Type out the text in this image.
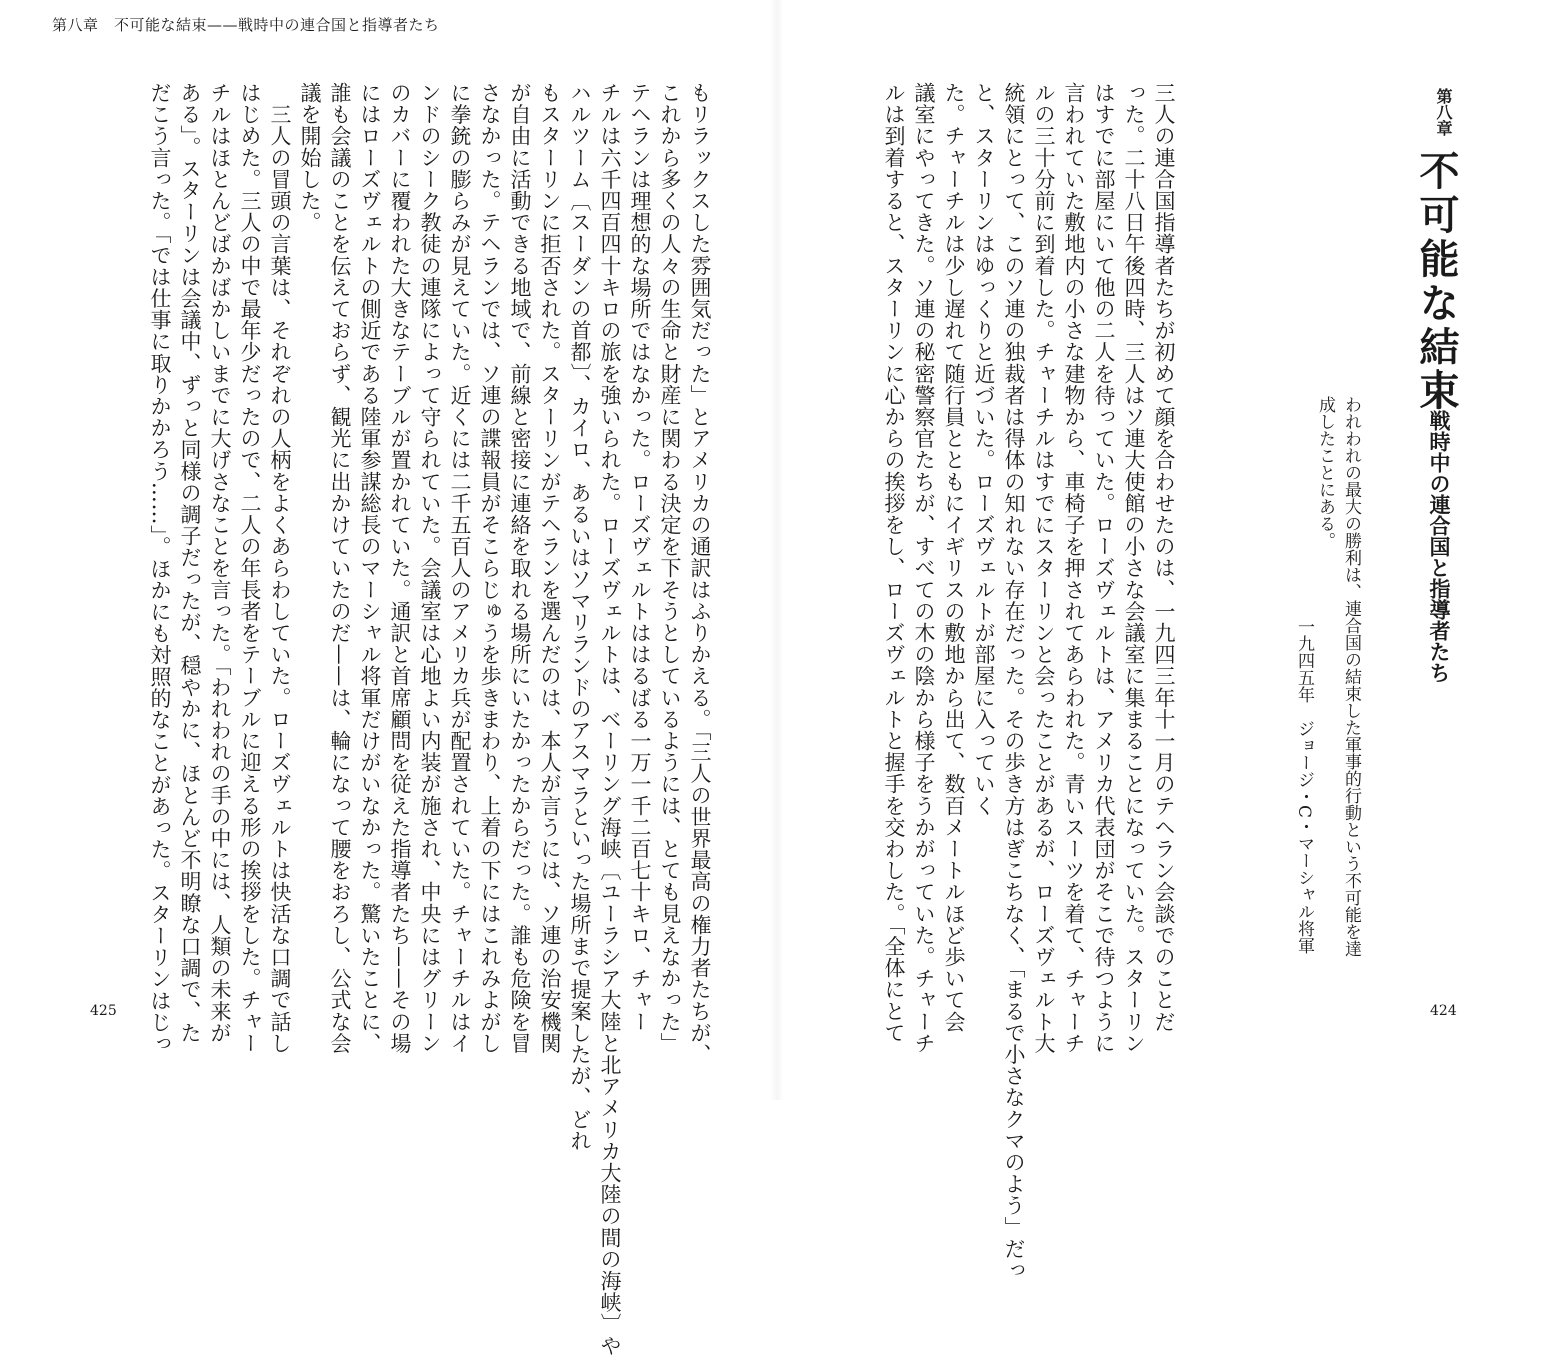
第八章　不可能な結束——戦時中の連合国と指導者たち
もリラックスした雰囲気だった」とアメリカの通訳はふりかえる。「三人の世界最高の権力者たちが、
これから多くの人々の生命と財産に関わる決定を下そうとしているようには、とても見えなかった」
テヘランは理想的な場所ではなかった。ローズヴェルトははるばる一万一千二百七十キロ、チャー
チルは六千四百四十キロの旅を強いられた。ローズヴェルトは、ベーリング海峡〔ユーラシア大陸と北アメリカ大陸の間の海峡〕や
ハルツーム〔スーダンの首都〕、カイロ、あるいはソマリランドのアスマラといった場所まで提案したが、どれ
もスターリンに拒否された。スターリンがテヘランを選んだのは、本人が言うには、ソ連の治安機関
が自由に活動できる地域で、前線と密接に連絡を取れる場所にいたかったからだった。誰も危険を冒
さなかった。テヘランでは、ソ連の諜報員がそこらじゅうを歩きまわり、上着の下にはこれみよがし
に拳銃の膨らみが見えていた。近くには二千五百人のアメリカ兵が配置されていた。チャーチルはイ
ンドのシーク教徒の連隊によって守られていた。会議室は心地よい内装が施され、中央にはグリーン
のカバーに覆われた大きなテーブルが置かれていた。通訳と首席顧問を従えた指導者たち——その場
にはローズヴェルトの側近である陸軍参謀総長のマーシャル将軍だけがいなかった。驚いたことに、
誰も会議のことを伝えておらず、観光に出かけていたのだ——は、輪になって腰をおろし、公式な会
議を開始した。
　三人の冒頭の言葉は、それぞれの人柄をよくあらわしていた。ローズヴェルトは快活な口調で話し
はじめた。三人の中で最年少だったので、二人の年長者をテーブルに迎える形の挨拶をした。チャー
チルはほとんどばかばかしいまでに大げさなことを言った。「われわれの手の中には、人類の未来が
ある」。スターリンは会議中、ずっと同様の調子だったが、穏やかに、ほとんど不明瞭な口調で、た
だこう言った。「では仕事に取りかかろう……」。ほかにも対照的なことがあった。スターリンはじっ
425	三人の連合国指導者たちが初めて顔を合わせたのは、一九四三年十一月のテヘラン会談でのことだ
った。二十八日午後四時、三人はソ連大使館の小さな会議室に集まることになっていた。スターリン
はすでに部屋にいて他の二人を待っていた。ローズヴェルトは、アメリカ代表団がそこで待つように
言われていた敷地内の小さな建物から、車椅子を押されてあらわれた。青いスーツを着て、チャーチ
ルの三十分前に到着した。チャーチルはすでにスターリンと会ったことがあるが、ローズヴェルト大
統領にとって、このソ連の独裁者は得体の知れない存在だった。その歩き方はぎこちなく、「まるで小さなクマのよう」だっ
と、スターリンはゆっくりと近づいた。ローズヴェルトが部屋に入っていく
た。チャーチルは少し遅れて随行員とともにイギリスの敷地から出て、数百メートルほど歩いて会
議室にやってきた。ソ連の秘密警察官たちが、すべての木の陰から様子をうかがっていた。チャーチ
ルは到着すると、スターリンに心からの挨拶をし、ローズヴェルトと握手を交わした。「全体にとて	われわれの最大の勝利は、連合国の結束した軍事的行動という不可能を達
成したことにある。
一九四五年　ジョージ・C・マーシャル将軍
第八章
不可能な結束
——戦時中の連合国と指導者たち
424
